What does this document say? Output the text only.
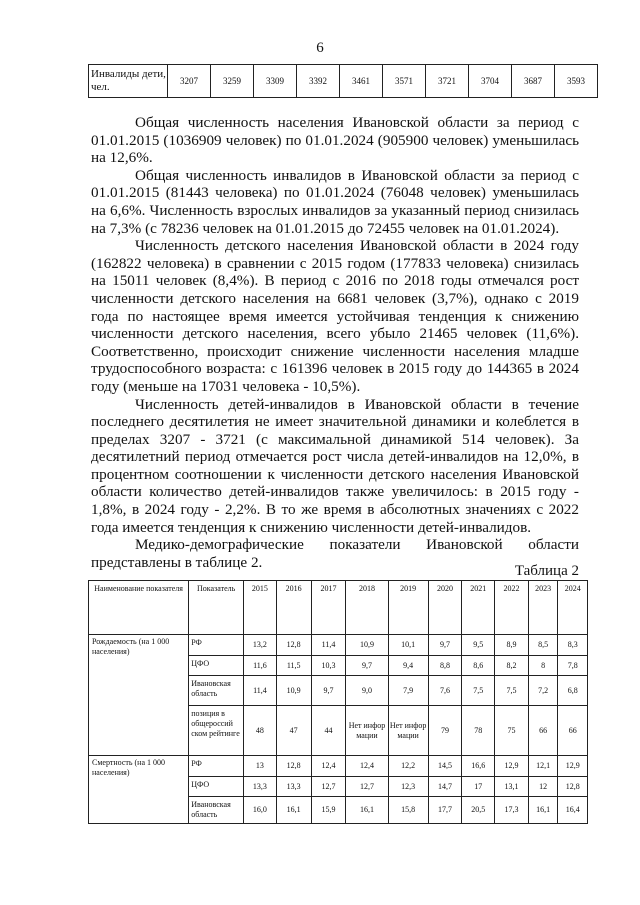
6
Инвалиды дети, чел.	3207	3259	3309	3392	3461	3571	3721	3704	3687	3593

Общая численность населения Ивановской области за период с 01.01.2015 (1036909 человек) по 01.01.2024 (905900 человек) уменьшилась на 12,6%.

Общая численность инвалидов в Ивановской области за период с 01.01.2015 (81443 человека) по 01.01.2024 (76048 человек) уменьшилась на 6,6%. Численность взрослых инвалидов за указанный период снизилась на 7,3% (с 78236 человек на 01.01.2015 до 72455 человек на 01.01.2024).

Численность детского населения Ивановской области в 2024 году (162822 человека) в сравнении с 2015 годом (177833 человека) снизилась на 15011 человек (8,4%). В период с 2016 по 2018 годы отмечался рост численности детского населения на 6681 человек (3,7%), однако с 2019 года по настоящее время имеется устойчивая тенденция к снижению численности детского населения, всего убыло 21465 человек (11,6%). Соответственно, происходит снижение численности населения младше трудоспособного возраста: с 161396 человек в 2015 году до 144365 в 2024 году (меньше на 17031 человека - 10,5%).

Численность детей-инвалидов в Ивановской области в течение последнего десятилетия не имеет значительной динамики и колеблется в пределах 3207 - 3721 (с максимальной динамикой 514 человек). За десятилетний период отмечается рост числа детей-инвалидов на 12,0%, в процентном соотношении к численности детского населения Ивановской области количество детей-инвалидов также увеличилось: в 2015 году - 1,8%, в 2024 году - 2,2%. В то же время в абсолютных значениях с 2022 года имеется тенденция к снижению численности детей-инвалидов.

Медико-демографические показатели Ивановской области представлены в таблице 2.

Таблица 2
Наименование показателя	Показатель	2015	2016	2017	2018	2019	2020	2021	2022	2023	2024
Рождаемость (на 1 000 населения)	РФ	13,2	12,8	11,4	10,9	10,1	9,7	9,5	8,9	8,5	8,3
	ЦФО	11,6	11,5	10,3	9,7	9,4	8,8	8,6	8,2	8	7,8
	Ивановская область	11,4	10,9	9,7	9,0	7,9	7,6	7,5	7,5	7,2	6,8
	позиция в общероссий ском рейтинге	48	47	44	Нет инфор мации	Нет инфор мации	79	78	75	66	66
Смертность (на 1 000 населения)	РФ	13	12,8	12,4	12,4	12,2	14,5	16,6	12,9	12,1	12,9
	ЦФО	13,3	13,3	12,7	12,7	12,3	14,7	17	13,1	12	12,8
	Ивановская область	16,0	16,1	15,9	16,1	15,8	17,7	20,5	17,3	16,1	16,4
